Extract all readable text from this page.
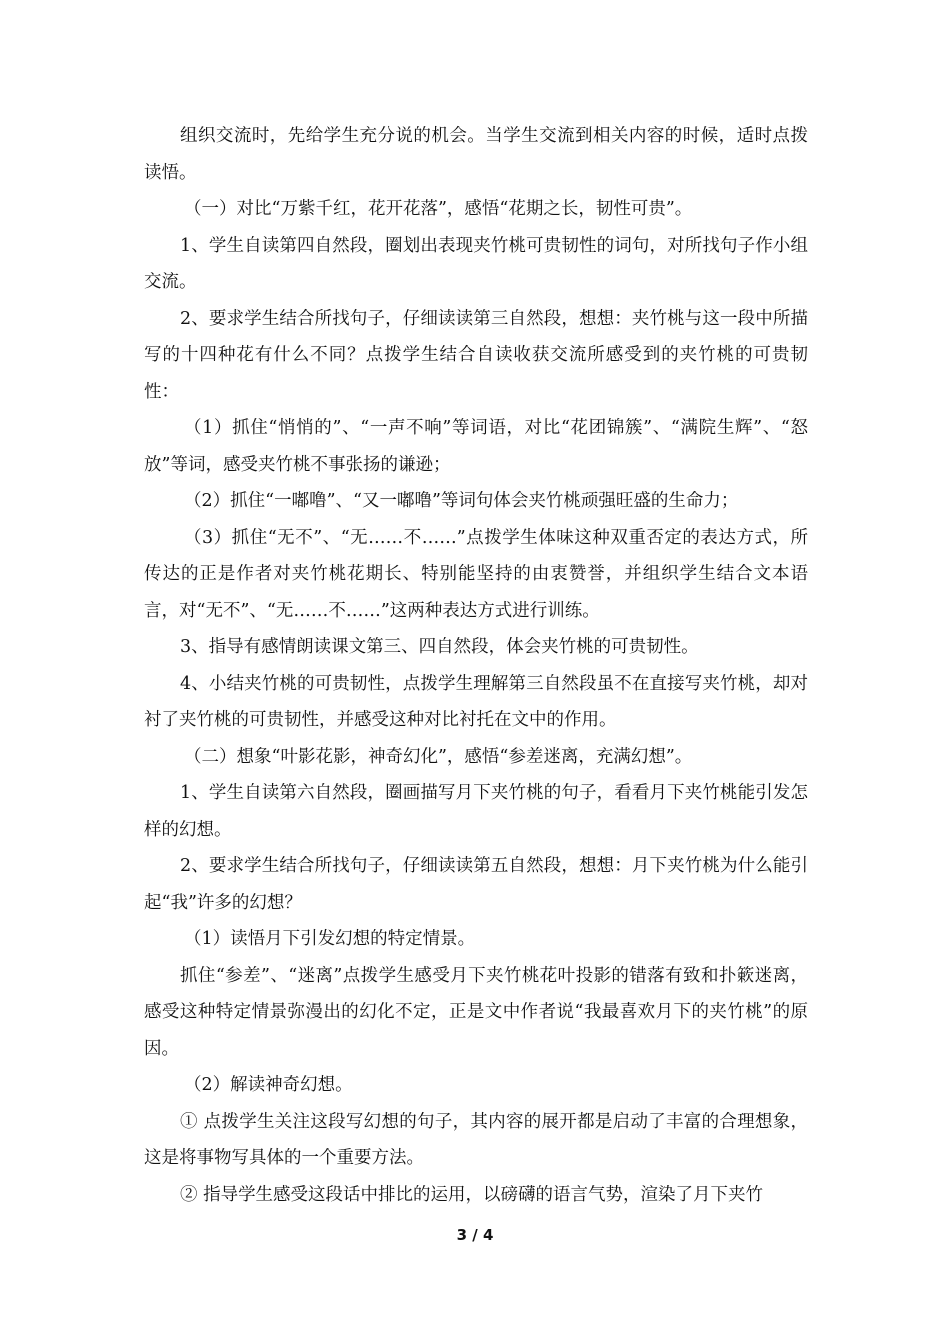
组织交流时，先给学生充分说的机会。当学生交流到相关内容的时候，适时点拨读悟。

（一）对比“万紫千红，花开花落”，感悟“花期之长，韧性可贵”。

1、学生自读第四自然段，圈划出表现夹竹桃可贵韧性的词句，对所找句子作小组交流。

2、要求学生结合所找句子，仔细读读第三自然段，想想：夹竹桃与这一段中所描写的十四种花有什么不同？点拨学生结合自读收获交流所感受到的夹竹桃的可贵韧性：

（1）抓住“悄悄的”、“一声不响”等词语，对比“花团锦簇”、“满院生辉”、“怒放”等词，感受夹竹桃不事张扬的谦逊；

（2）抓住“一嘟噜”、“又一嘟噜”等词句体会夹竹桃顽强旺盛的生命力；

（3）抓住“无不”、“无……不……”点拨学生体味这种双重否定的表达方式，所传达的正是作者对夹竹桃花期长、特别能坚持的由衷赞誉，并组织学生结合文本语言，对“无不”、“无……不……”这两种表达方式进行训练。

3、指导有感情朗读课文第三、四自然段，体会夹竹桃的可贵韧性。

4、小结夹竹桃的可贵韧性，点拨学生理解第三自然段虽不在直接写夹竹桃，却对衬了夹竹桃的可贵韧性，并感受这种对比衬托在文中的作用。

（二）想象“叶影花影，神奇幻化”，感悟“参差迷离，充满幻想”。

1、学生自读第六自然段，圈画描写月下夹竹桃的句子，看看月下夹竹桃能引发怎样的幻想。

2、要求学生结合所找句子，仔细读读第五自然段，想想：月下夹竹桃为什么能引起“我”许多的幻想？

（1）读悟月下引发幻想的特定情景。

抓住“参差”、“迷离”点拨学生感受月下夹竹桃花叶投影的错落有致和扑簌迷离，感受这种特定情景弥漫出的幻化不定，正是文中作者说“我最喜欢月下的夹竹桃”的原因。

（2）解读神奇幻想。

① 点拨学生关注这段写幻想的句子，其内容的展开都是启动了丰富的合理想象，这是将事物写具体的一个重要方法。

② 指导学生感受这段话中排比的运用，以磅礴的语言气势，渲染了月下夹竹

3 / 4
